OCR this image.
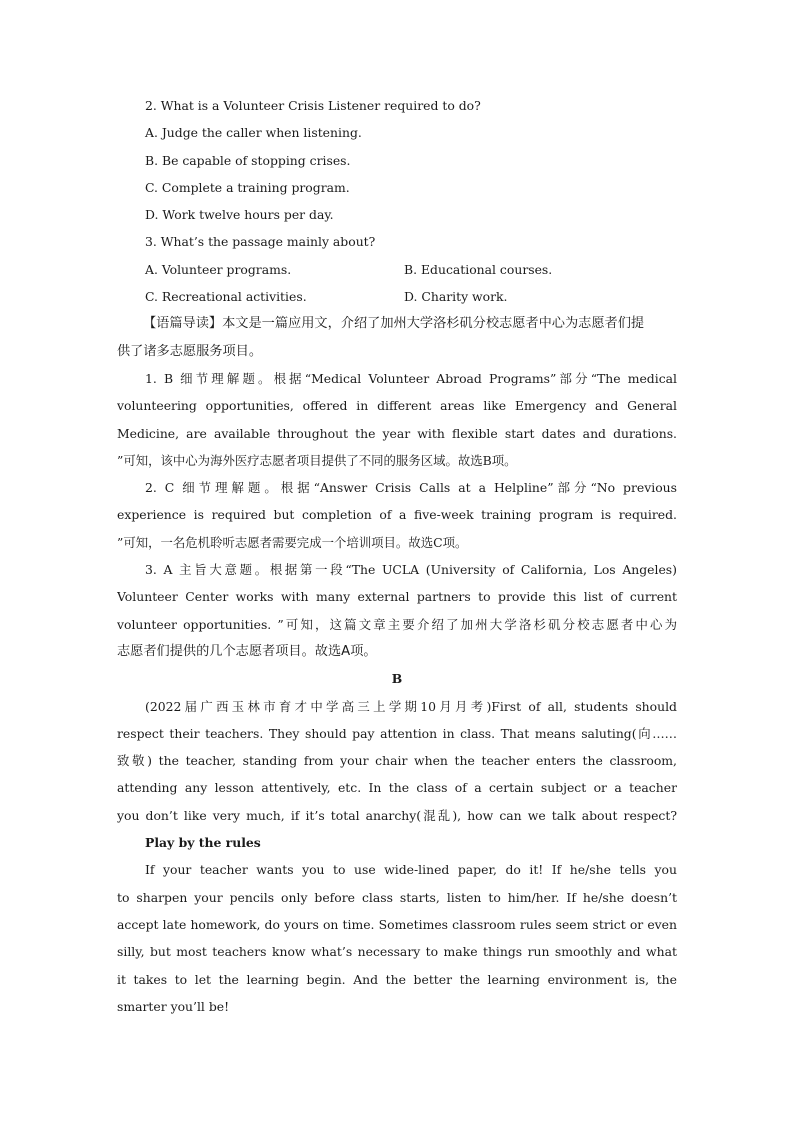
2. What is a Volunteer Crisis Listener required to do?
A. Judge the caller when listening.
B. Be capable of stopping crises.
C. Complete a training program.
D. Work twelve hours per day.
3. What’s the passage mainly about?
A. Volunteer programs.	B. Educational courses.
C. Recreational activities.	D. Charity work.
【语篇导读】本文是一篇应用文，介绍了加州大学洛杉矶分校志愿者中心为志愿者们提
供了诸多志愿服务项目。
1. B 细节理解题。根据“Medical Volunteer Abroad Programs”部分“The medical
volunteering opportunities, offered in different areas like Emergency and General
Medicine, are available throughout the year with flexible start dates and durations.
”可知，该中心为海外医疗志愿者项目提供了不同的服务区域。故选B项。
2. C 细节理解题。根据“Answer Crisis Calls at a Helpline”部分“No previous
experience is required but completion of a five-week training program is required.
”可知，一名危机聆听志愿者需要完成一个培训项目。故选C项。
3. A 主旨大意题。根据第一段“The UCLA (University of California, Los Angeles)
Volunteer Center works with many external partners to provide this list of current
volunteer opportunities. ”可知，这篇文章主要介绍了加州大学洛杉矶分校志愿者中心为
志愿者们提供的几个志愿者项目。故选A项。
B
(2022届广西玉林市育才中学高三上学期10月月考)First of all, students should
respect their teachers. They should pay attention in class. That means saluting(向……
致敬) the teacher, standing from your chair when the teacher enters the classroom,
attending any lesson attentively, etc. In the class of a certain subject or a teacher
you don’t like very much, if it’s total anarchy(混乱), how can we talk about respect?
Play by the rules
If your teacher wants you to use wide-lined paper, do it! If he/she tells you
to sharpen your pencils only before class starts, listen to him/her. If he/she doesn’t
accept late homework, do yours on time. Sometimes classroom rules seem strict or even
silly, but most teachers know what’s necessary to make things run smoothly and what
it takes to let the learning begin. And the better the learning environment is, the
smarter you’ll be!
